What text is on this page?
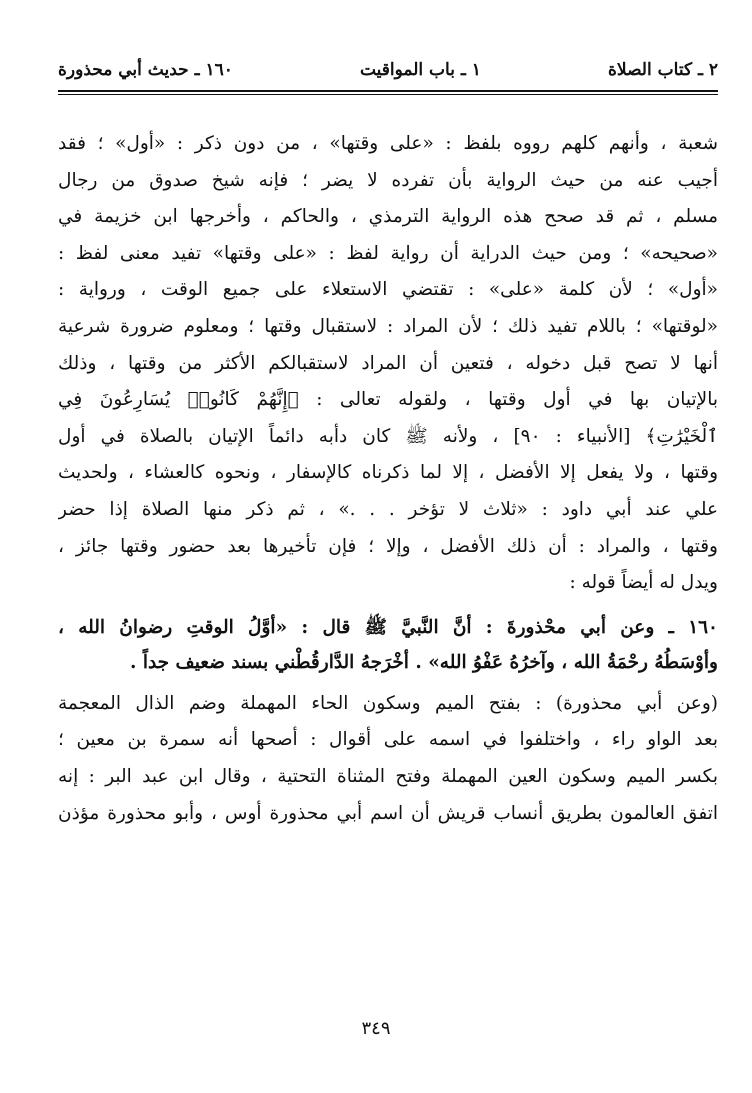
٢ ـ كتاب الصلاة
١ ـ باب المواقيت
١٦٠ ـ حديث أبي محذورة
شعبة ، وأنهم كلهم رووه بلفظ : «على وقتها» ، من دون ذكر : «أول» ؛ فقد
أجيب عنه من حيث الرواية بأن تفرده لا يضر ؛ فإنه شيخ صدوق من رجال
مسلم ، ثم قد صحح هذه الرواية الترمذي ، والحاكم ، وأخرجها ابن خزيمة في
«صحيحه» ؛ ومن حيث الدراية أن رواية لفظ : «على وقتها» تفيد معنى لفظ :
«أول» ؛ لأن كلمة «على» : تقتضي الاستعلاء على جميع الوقت ، ورواية :
«لوقتها» ؛ باللام تفيد ذلك ؛ لأن المراد : لاستقبال وقتها ؛ ومعلوم ضرورة شرعية
أنها لا تصح قبل دخوله ، فتعين أن المراد لاستقبالكم الأكثر من وقتها ، وذلك
بالإتيان بها في أول وقتها ، ولقوله تعالى : ﴿إِنَّهُمْ كَانُوا۟ يُسَارِعُونَ فِي
ٱلْخَيْرَٰتِ﴾ [الأنبياء : ٩٠] ، ولأنه ﷺ كان دأبه دائماً الإتيان بالصلاة في أول
وقتها ، ولا يفعل إلا الأفضل ، إلا لما ذكرناه كالإسفار ، ونحوه كالعشاء ، ولحديث
علي عند أبي داود : «ثلاث لا تؤخر . . .» ، ثم ذكر منها الصلاة إذا حضر
وقتها ، والمراد : أن ذلك الأفضل ، وإلا ؛ فإن تأخيرها بعد حضور وقتها جائز ،
ويدل له أيضاً قوله :
١٦٠ ـ وعن أبي محْذورةَ : أنَّ النَّبيَّ ﷺ قال : «أوَّلُ الوقتِ رضوانُ الله ،
وأوْسَطُهُ رحْمَةُ الله ، وآخرُهُ عَفْوُ الله» . أخْرَجهُ الدَّارقُطْني بسند ضعيف جداً .
(وعن أبي محذورة) : بفتح الميم وسكون الحاء المهملة وضم الذال المعجمة
بعد الواو راء ، واختلفوا في اسمه على أقوال : أصحها أنه سمرة بن معين ؛
بكسر الميم وسكون العين المهملة وفتح المثناة التحتية ، وقال ابن عبد البر : إنه
اتفق العالمون بطريق أنساب قريش أن اسم أبي محذورة أوس ، وأبو محذورة مؤذن
٣٤٩
